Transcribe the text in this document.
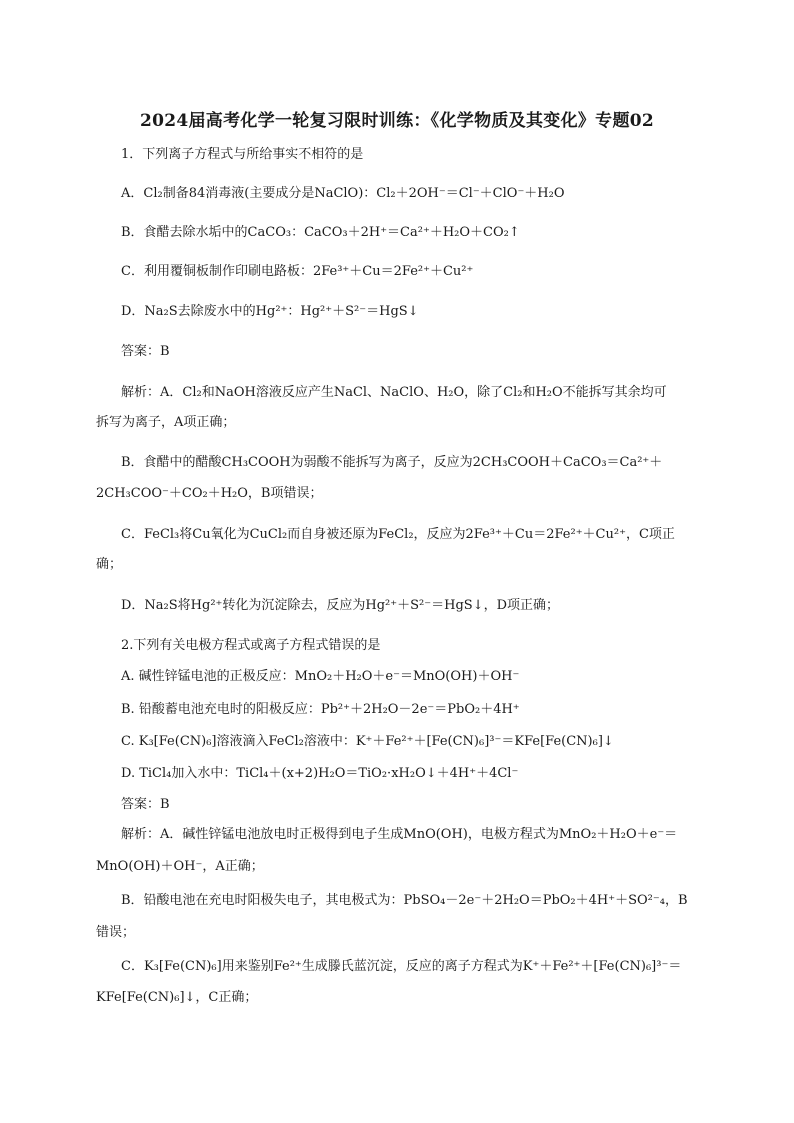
2024届高考化学一轮复习限时训练：《化学物质及其变化》专题02
1．下列离子方程式与所给事实不相符的是
A．Cl₂制备84消毒液(主要成分是NaClO)：Cl₂＋2OH⁻＝Cl⁻＋ClO⁻＋H₂O
B．食醋去除水垢中的CaCO₃：CaCO₃＋2H⁺＝Ca²⁺＋H₂O＋CO₂↑
C．利用覆铜板制作印刷电路板：2Fe³⁺＋Cu＝2Fe²⁺＋Cu²⁺
D．Na₂S去除废水中的Hg²⁺：Hg²⁺＋S²⁻＝HgS↓
答案：B
解析：A．Cl₂和NaOH溶液反应产生NaCl、NaClO、H₂O，除了Cl₂和H₂O不能拆写其余均可
拆写为离子，A项正确；
B．食醋中的醋酸CH₃COOH为弱酸不能拆写为离子，反应为2CH₃COOH＋CaCO₃＝Ca²⁺＋
2CH₃COO⁻＋CO₂＋H₂O，B项错误；
C．FeCl₃将Cu氧化为CuCl₂而自身被还原为FeCl₂，反应为2Fe³⁺＋Cu＝2Fe²⁺＋Cu²⁺，C项正
确；
D．Na₂S将Hg²⁺转化为沉淀除去，反应为Hg²⁺＋S²⁻＝HgS↓，D项正确；
2.下列有关电极方程式或离子方程式错误的是
A. 碱性锌锰电池的正极反应：MnO₂＋H₂O＋e⁻＝MnO(OH)＋OH⁻
B. 铅酸蓄电池充电时的阳极反应：Pb²⁺＋2H₂O－2e⁻＝PbO₂＋4H⁺
C. K₃[Fe(CN)₆]溶液滴入FeCl₂溶液中：K⁺＋Fe²⁺＋[Fe(CN)₆]³⁻＝KFe[Fe(CN)₆]↓
D. TiCl₄加入水中：TiCl₄＋(x+2)H₂O＝TiO₂·xH₂O↓＋4H⁺＋4Cl⁻
答案：B
解析：A．碱性锌锰电池放电时正极得到电子生成MnO(OH)，电极方程式为MnO₂＋H₂O＋e⁻＝
MnO(OH)＋OH⁻，A正确；
B．铅酸电池在充电时阳极失电子，其电极式为：PbSO₄－2e⁻＋2H₂O＝PbO₂＋4H⁺＋SO²⁻₄，B
错误；
C．K₃[Fe(CN)₆]用来鉴别Fe²⁺生成滕氏蓝沉淀，反应的离子方程式为K⁺＋Fe²⁺＋[Fe(CN)₆]³⁻＝
KFe[Fe(CN)₆]↓，C正确；
